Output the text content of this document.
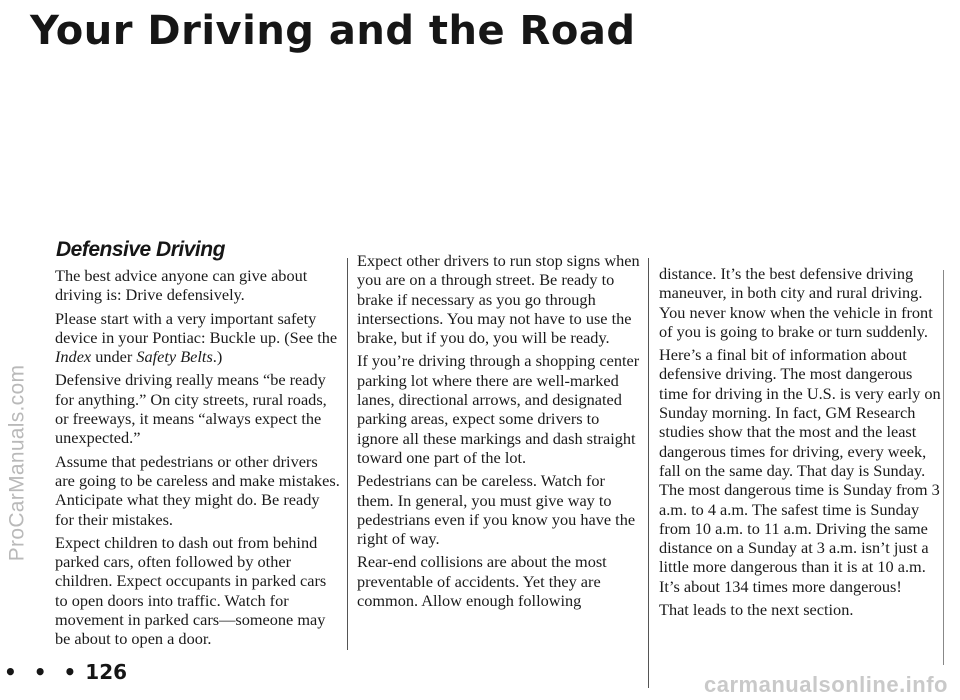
Your Driving and the Road
Defensive Driving

The best advice anyone can give about driving is: Drive defensively.

Please start with a very important safety device in your Pontiac: Buckle up. (See the Index under Safety Belts.)

Defensive driving really means “be ready for anything.” On city streets, rural roads, or freeways, it means “always expect the unexpected.”

Assume that pedestrians or other drivers are going to be careless and make mistakes. Anticipate what they might do. Be ready for their mistakes.

Expect children to dash out from behind parked cars, often followed by other children. Expect occupants in parked cars to open doors into traffic. Watch for movement in parked cars—someone may be about to open a door.

Expect other drivers to run stop signs when you are on a through street. Be ready to brake if necessary as you go through intersections. You may not have to use the brake, but if you do, you will be ready.

If you’re driving through a shopping center parking lot where there are well-marked lanes, directional arrows, and designated parking areas, expect some drivers to ignore all these markings and dash straight toward one part of the lot.

Pedestrians can be careless. Watch for them. In general, you must give way to pedestrians even if you know you have the right of way.

Rear-end collisions are about the most preventable of accidents. Yet they are common. Allow enough following

distance. It’s the best defensive driving maneuver, in both city and rural driving. You never know when the vehicle in front of you is going to brake or turn suddenly.

Here’s a final bit of information about defensive driving. The most dangerous time for driving in the U.S. is very early on Sunday morning. In fact, GM Research studies show that the most and the least dangerous times for driving, every week, fall on the same day. That day is Sunday. The most dangerous time is Sunday from 3 a.m. to 4 a.m. The safest time is Sunday from 10 a.m. to 11 a.m. Driving the same distance on a Sunday at 3 a.m. isn’t just a little more dangerous than it is at 10 a.m. It’s about 134 times more dangerous!

That leads to the next section.

ProCarManuals.com
• • • 126	carmanualsonline.info
